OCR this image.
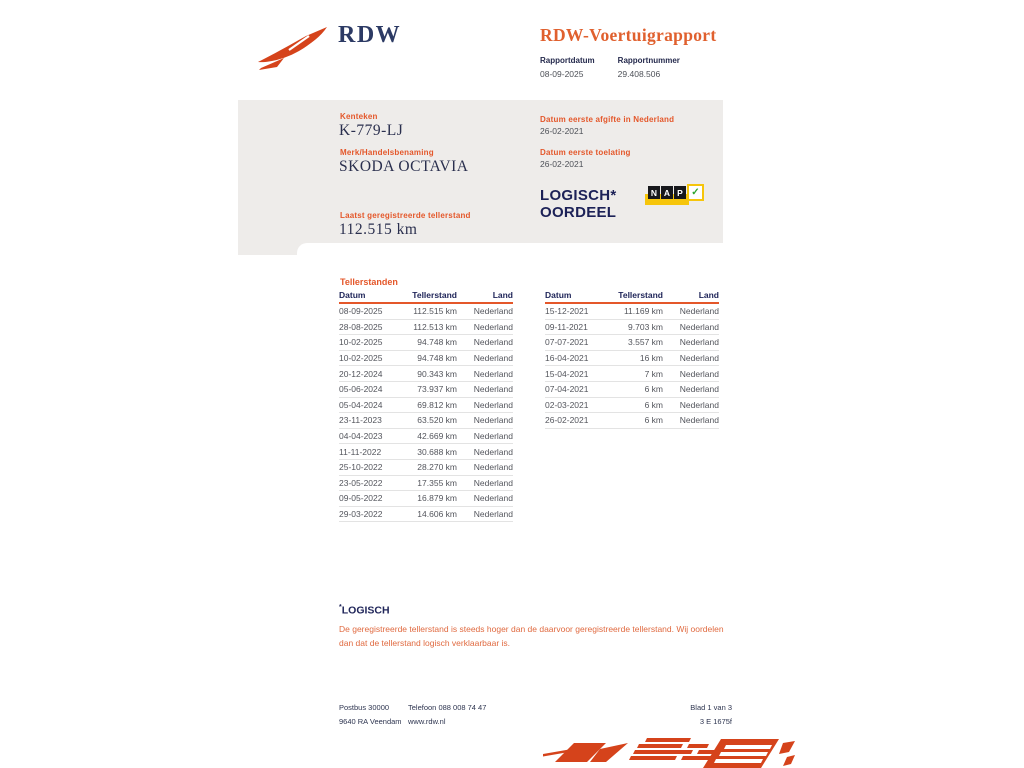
RDW	RDW-Voertuigrapport
Rapportdatum
08-09-2025
Rapportnummer
29.408.506
Kenteken
K-779-LJ
Merk/Handelsbenaming
SKODA OCTAVIA
Laatst geregistreerde tellerstand
112.515 km
Datum eerste afgifte in Nederland
26-02-2021
Datum eerste toelating
26-02-2021
LOGISCH*
OORDEEL
N A P ✓
Tellerstanden
Datum	Tellerstand	Land
08-09-2025	112.515 km	Nederland
28-08-2025	112.513 km	Nederland
10-02-2025	94.748 km	Nederland
10-02-2025	94.748 km	Nederland
20-12-2024	90.343 km	Nederland
05-06-2024	73.937 km	Nederland
05-04-2024	69.812 km	Nederland
23-11-2023	63.520 km	Nederland
04-04-2023	42.669 km	Nederland
11-11-2022	30.688 km	Nederland
25-10-2022	28.270 km	Nederland
23-05-2022	17.355 km	Nederland
09-05-2022	16.879 km	Nederland
29-03-2022	14.606 km	Nederland
Datum	Tellerstand	Land
15-12-2021	11.169 km	Nederland
09-11-2021	9.703 km	Nederland
07-07-2021	3.557 km	Nederland
16-04-2021	16 km	Nederland
15-04-2021	7 km	Nederland
07-04-2021	6 km	Nederland
02-03-2021	6 km	Nederland
26-02-2021	6 km	Nederland
*LOGISCH
De geregistreerde tellerstand is steeds hoger dan de daarvoor geregistreerde tellerstand. Wij oordelen dan dat de tellerstand logisch verklaarbaar is.
Postbus 30000	Telefoon 088 008 74 47	Blad 1 van 3
9640 RA Veendam www.rdw.nl	3 E 1675f
